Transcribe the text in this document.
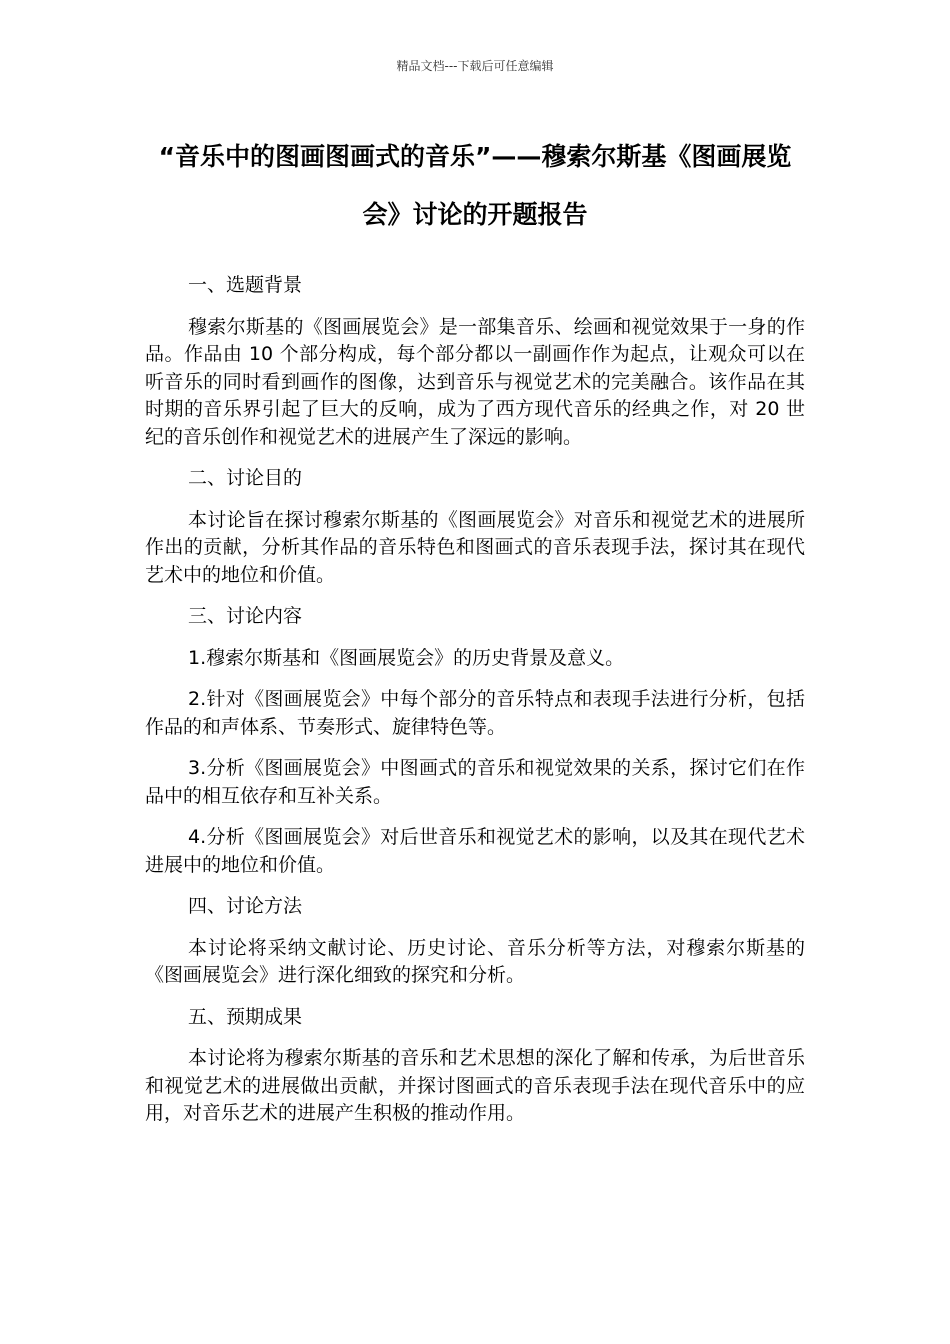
精品文档---下载后可任意编辑
“音乐中的图画图画式的音乐”——穆索尔斯基《图画展览会》讨论的开题报告

一、选题背景

穆索尔斯基的《图画展览会》是一部集音乐、绘画和视觉效果于一身的作品。作品由 10 个部分构成，每个部分都以一副画作作为起点，让观众可以在听音乐的同时看到画作的图像，达到音乐与视觉艺术的完美融合。该作品在其时期的音乐界引起了巨大的反响，成为了西方现代音乐的经典之作，对 20 世纪的音乐创作和视觉艺术的进展产生了深远的影响。

二、讨论目的

本讨论旨在探讨穆索尔斯基的《图画展览会》对音乐和视觉艺术的进展所作出的贡献，分析其作品的音乐特色和图画式的音乐表现手法，探讨其在现代艺术中的地位和价值。

三、讨论内容

1.穆索尔斯基和《图画展览会》的历史背景及意义。

2.针对《图画展览会》中每个部分的音乐特点和表现手法进行分析，包括作品的和声体系、节奏形式、旋律特色等。

3.分析《图画展览会》中图画式的音乐和视觉效果的关系，探讨它们在作品中的相互依存和互补关系。

4.分析《图画展览会》对后世音乐和视觉艺术的影响，以及其在现代艺术进展中的地位和价值。

四、讨论方法

本讨论将采纳文献讨论、历史讨论、音乐分析等方法，对穆索尔斯基的《图画展览会》进行深化细致的探究和分析。

五、预期成果

本讨论将为穆索尔斯基的音乐和艺术思想的深化了解和传承，为后世音乐和视觉艺术的进展做出贡献，并探讨图画式的音乐表现手法在现代音乐中的应用，对音乐艺术的进展产生积极的推动作用。
